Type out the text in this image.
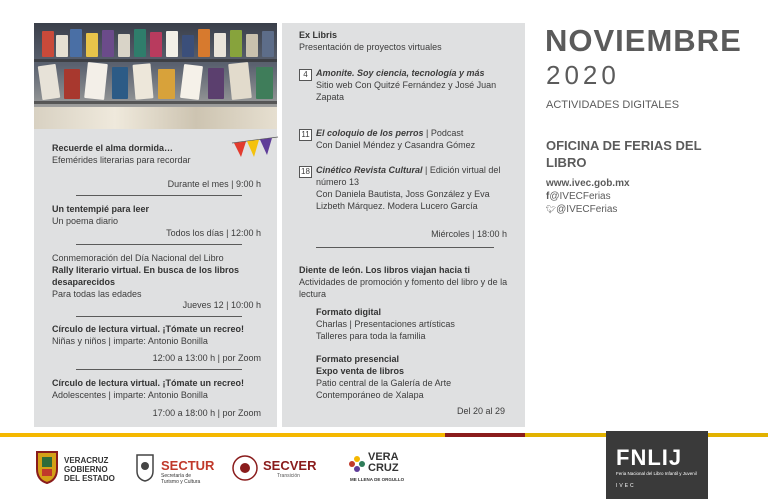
Recuerde el alma dormida…
Efemérides literarias para recordar
Durante el mes | 9:00 h
Un tentempié para leer
Un poema diario
Todos los días | 12:00 h
Conmemoración del Día Nacional del Libro
Rally literario virtual. En busca de los libros desaparecidos
Para todas las edades
Jueves 12 | 10:00 h
Círculo de lectura virtual. ¡Tómate un recreo!
Niñas y niños | imparte: Antonio Bonilla
12:00 a 13:00 h | por Zoom
Círculo de lectura virtual. ¡Tómate un recreo!
Adolescentes | imparte: Antonio Bonilla
17:00 a 18:00 h | por Zoom
Ex Libris
Presentación de proyectos virtuales
4 Amonite. Soy ciencia, tecnología y más
Sitio web Con Quitzé Fernández y José Juan Zapata
11 El coloquio de los perros | Podcast
Con Daniel Méndez y Casandra Gómez
18 Cinético Revista Cultural | Edición virtual del número 13
Con Daniela Bautista, Joss González y Eva Lizbeth Márquez. Modera Lucero García
Miércoles | 18:00 h
Diente de león. Los libros viajan hacia ti
Actividades de promoción y fomento del libro y de la lectura
Formato digital
Charlas | Presentaciones artísticas
Talleres para toda la familia
Formato presencial
Expo venta de libros
Patio central de la Galería de Arte
Contemporáneo de Xalapa
Del 20 al 29
NOVIEMBRE
2020
ACTIVIDADES DIGITALES
OFICINA DE FERIAS DEL LIBRO
www.ivec.gob.mx
f@IVECFerias
🐦︎@IVECFerias
VERACRUZ
GOBIERNO
DEL ESTADO
SECTUR
Secretaría de
Turismo y Cultura
SECVER
Transición
VERA
CRUZ
ME LLENA DE ORGULLO
FNLIJ
Feria Nacional del Libro Infantil y Juvenil
IVEC
